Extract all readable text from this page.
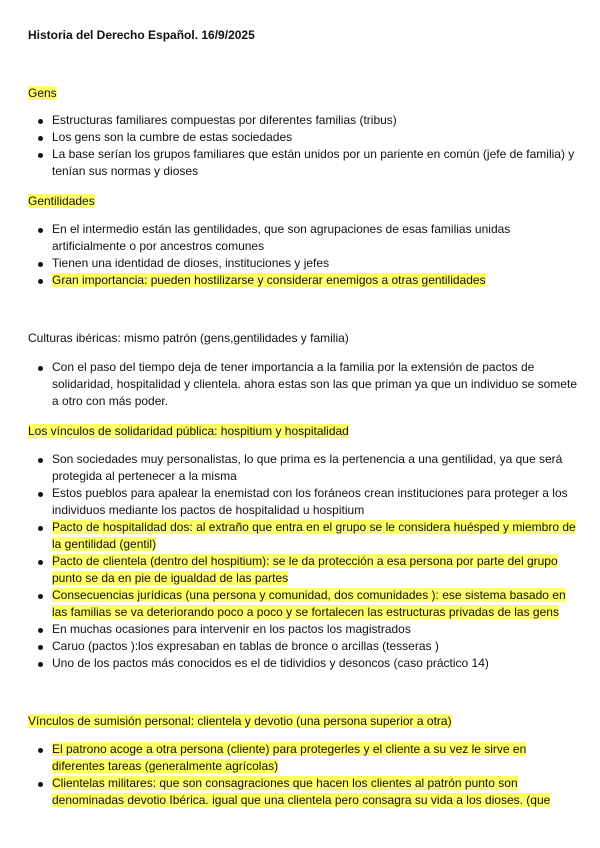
Historia del Derecho Español. 16/9/2025
Gens
Estructuras familiares compuestas por diferentes familias (tribus)
Los gens son la cumbre de estas sociedades
La base serían los grupos familiares que están unidos por un pariente en común (jefe de familia) y tenían sus normas y dioses
Gentilidades
En el intermedio están las gentilidades, que son agrupaciones de esas familias unidas artificialmente o por ancestros comunes
Tienen una identidad de dioses, instituciones y jefes
Gran importancia: pueden hostilizarse y considerar enemigos a otras gentilidades
Culturas ibéricas: mismo patrón (gens,gentilidades y familia)
Con el paso del tiempo deja de tener importancia a la familia por la extensión de pactos de solidaridad, hospitalidad y clientela. ahora estas son las que priman ya que un individuo se somete a otro con más poder.
Los vínculos de solidaridad pública: hospitium y hospitalidad
Son sociedades muy personalistas, lo que prima es la pertenencia a una gentilidad, ya que será protegida al pertenecer a la misma
Estos pueblos para apalear la enemistad con los foráneos crean instituciones para proteger a los individuos mediante los pactos de hospitalidad u hospitium
Pacto de hospitalidad dos: al extraño que entra en el grupo se le considera huésped y miembro de la gentilidad (gentil)
Pacto de clientela (dentro del hospitium): se le da protección a esa persona por parte del grupo punto se da en pie de igualdad de las partes
Consecuencias jurídicas (una persona y comunidad, dos comunidades ): ese sistema basado en las familias se va deteriorando poco a poco y se fortalecen las estructuras privadas de las gens
En muchas ocasiones para intervenir en los pactos los magistrados
Caruo (pactos ):los expresaban en tablas de bronce o arcillas (tesseras )
Uno de los pactos más conocidos es el de tidividios y desoncos (caso práctico 14)
Vínculos de sumisión personal: clientela y devotio (una persona superior a otra)
El patrono acoge a otra persona (cliente) para protegerles y el cliente a su vez le sirve en diferentes tareas (generalmente agrícolas)
Clientelas militares: que son consagraciones que hacen los clientes al patrón punto son denominadas devotio Ibérica. igual que una clientela pero consagra su vida a los dioses. (que
